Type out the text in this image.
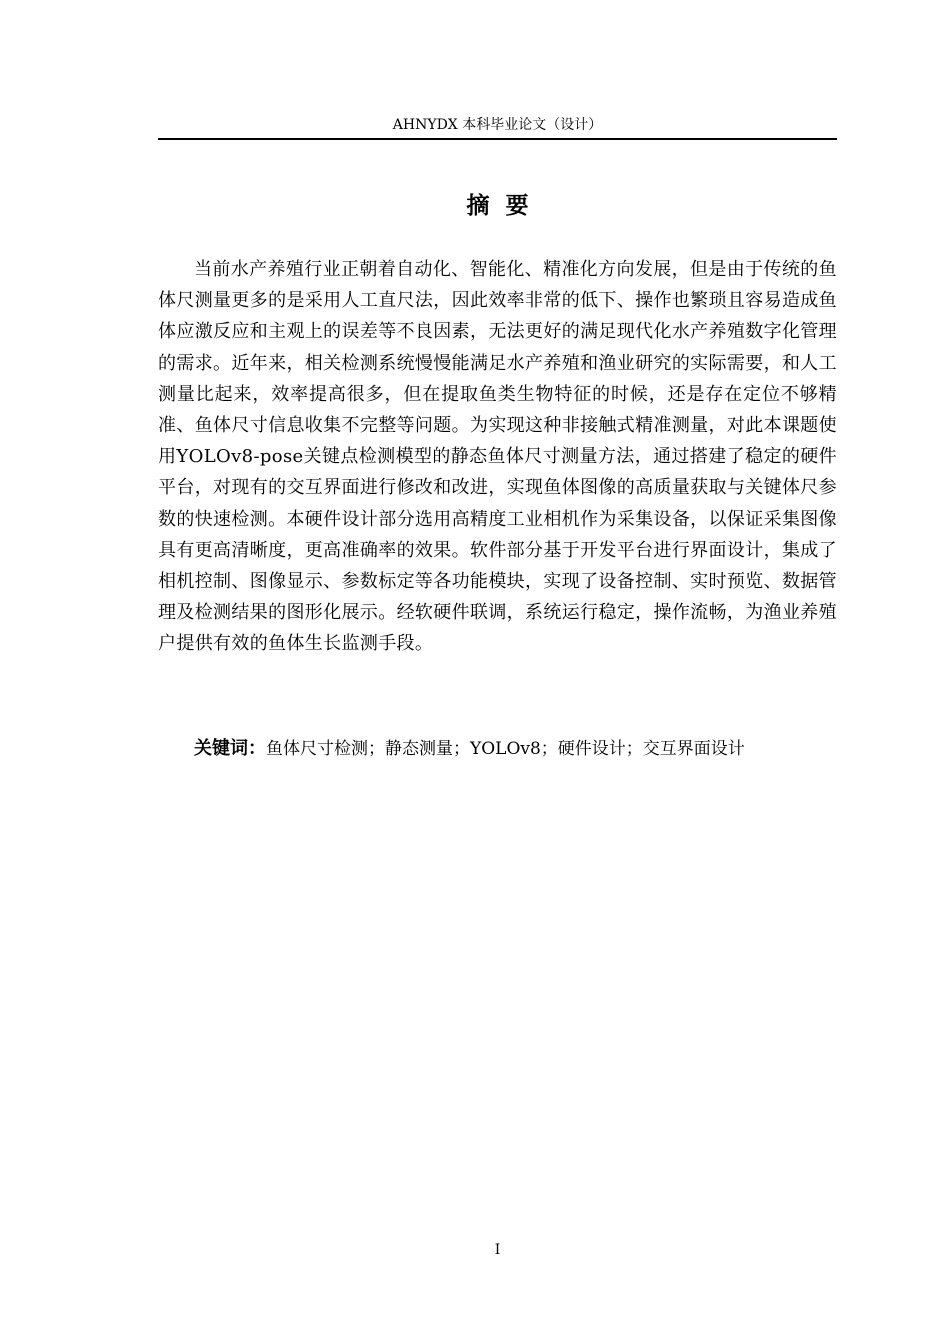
AHNYDX 本科毕业论文（设计）
摘  要

当前水产养殖行业正朝着自动化、智能化、精准化方向发展，但是由于传统的鱼体尺测量更多的是采用人工直尺法，因此效率非常的低下、操作也繁琐且容易造成鱼体应激反应和主观上的误差等不良因素，无法更好的满足现代化水产养殖数字化管理的需求。近年来，相关检测系统慢慢能满足水产养殖和渔业研究的实际需要，和人工测量比起来，效率提高很多，但在提取鱼类生物特征的时候，还是存在定位不够精准、鱼体尺寸信息收集不完整等问题。为实现这种非接触式精准测量，对此本课题使用YOLOv8-pose关键点检测模型的静态鱼体尺寸测量方法，通过搭建了稳定的硬件平台，对现有的交互界面进行修改和改进，实现鱼体图像的高质量获取与关键体尺参数的快速检测。本硬件设计部分选用高精度工业相机作为采集设备，以保证采集图像具有更高清晰度，更高准确率的效果。软件部分基于开发平台进行界面设计，集成了相机控制、图像显示、参数标定等各功能模块，实现了设备控制、实时预览、数据管理及检测结果的图形化展示。经软硬件联调，系统运行稳定，操作流畅，为渔业养殖户提供有效的鱼体生长监测手段。

关键词：鱼体尺寸检测；静态测量；YOLOv8；硬件设计；交互界面设计
I
